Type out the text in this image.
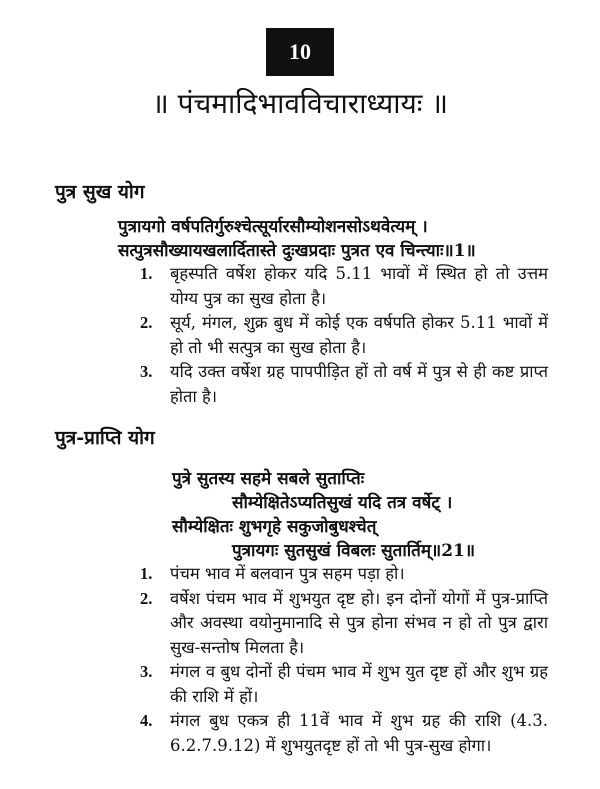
10
॥ पंचमादिभावविचाराध्यायः ॥
पुत्र सुख योग
पुत्रायगो वर्षपतिर्गुरुश्चेत्सूर्यारसौम्योशनसोऽथवेत्यम् ।
सत्पुत्रसौख्यायखलार्दितास्ते दुःखप्रदाः पुत्रत एव चिन्त्याः॥1॥
1.	बृहस्पति वर्षेश होकर यदि 5.11 भावों में स्थित हो तो उत्तम योग्य पुत्र का सुख होता है।
2.	सूर्य, मंगल, शुक्र बुध में कोई एक वर्षपति होकर 5.11 भावों में हो तो भी सत्पुत्र का सुख होता है।
3.	यदि उक्त वर्षेश ग्रह पापपीड़ित हों तो वर्ष में पुत्र से ही कष्ट प्राप्त होता है।
पुत्र-प्राप्ति योग
पुत्रे सुतस्य सहमे सबले सुताप्तिः
सौम्येक्षितेऽप्यतिसुखं यदि तत्र वर्षेट् ।
सौम्येक्षितः शुभगृहे सकुजोबुधश्चेत्
पुत्रायगः सुतसुखं विबलः सुतार्तिम्॥21॥
1.	पंचम भाव में बलवान पुत्र सहम पड़ा हो।
2.	वर्षेश पंचम भाव में शुभयुत दृष्ट हो। इन दोनों योगों में पुत्र-प्राप्ति और अवस्था वयोनुमानादि से पुत्र होना संभव न हो तो पुत्र द्वारा सुख-सन्तोष मिलता है।
3.	मंगल व बुध दोनों ही पंचम भाव में शुभ युत दृष्ट हों और शुभ ग्रह की राशि में हों।
4.	मंगल बुध एकत्र ही 11वें भाव में शुभ ग्रह की राशि (4.3. 6.2.7.9.12) में शुभयुतदृष्ट हों तो भी पुत्र-सुख होगा।
